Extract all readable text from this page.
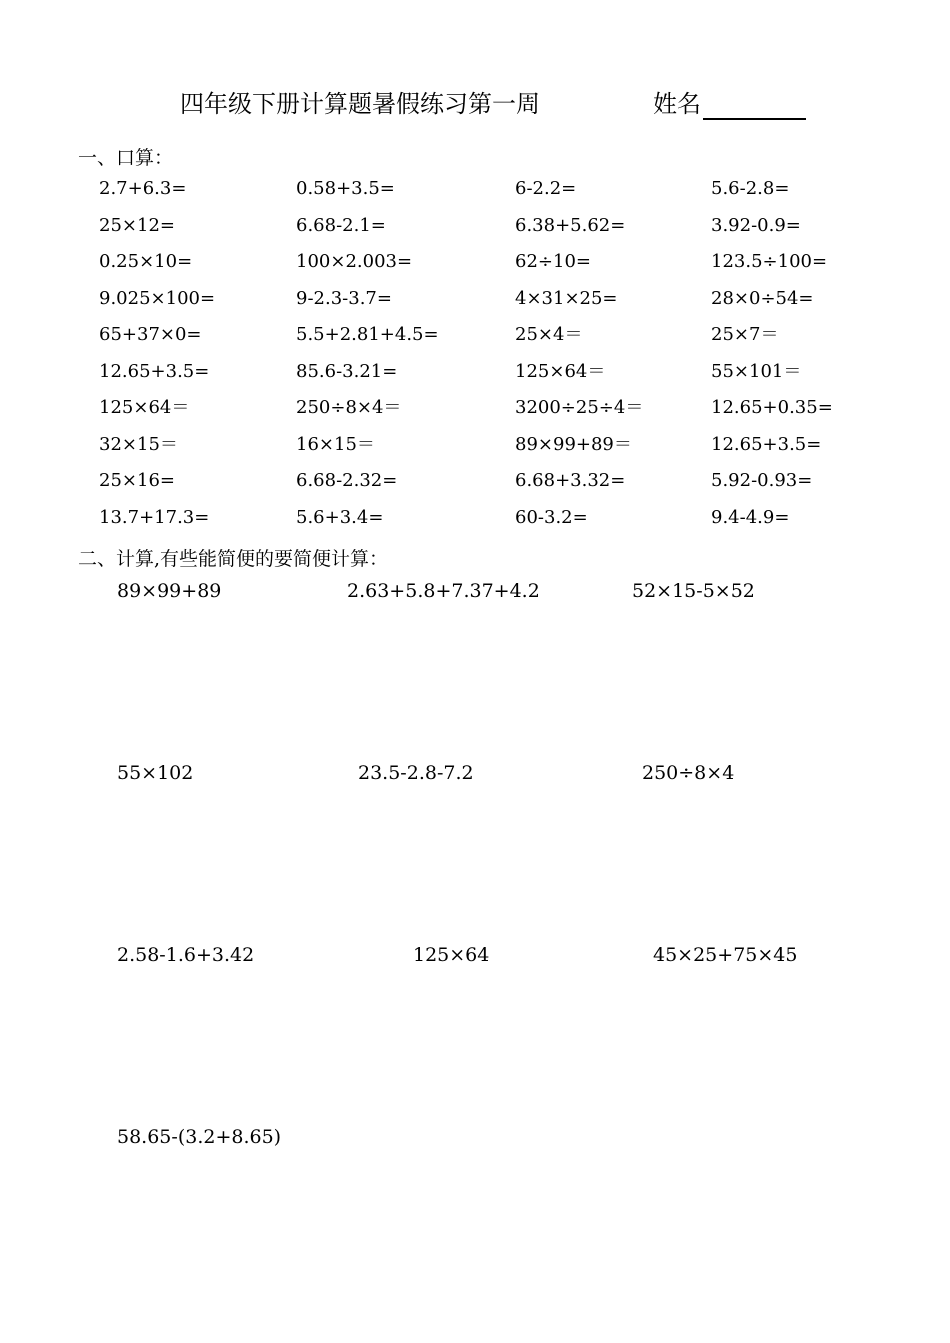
四年级下册计算题暑假练习第一周	姓名
一、口算：
2.7+6.3=	0.58+3.5=	6-2.2=	5.6-2.8=
25×12=	6.68-2.1=	6.38+5.62=	3.92-0.9=
0.25×10=	100×2.003=	62÷10=	123.5÷100=
9.025×100=	9-2.3-3.7=	4×31×25=	28×0÷54=
65+37×0=	5.5+2.81+4.5=	25×4＝	25×7＝
12.65+3.5=	85.6-3.21=	125×64＝	55×101＝
125×64＝	250÷8×4＝	3200÷25÷4＝	12.65+0.35=
32×15＝	16×15＝	89×99+89＝	12.65+3.5=
25×16=	6.68-2.32=	6.68+3.32=	5.92-0.93=
13.7+17.3=	5.6+3.4=	60-3.2=	9.4-4.9=
二、计算,有些能简便的要简便计算：
89×99+89	2.63+5.8+7.37+4.2	52×15-5×52
55×102	23.5-2.8-7.2	250÷8×4
2.58-1.6+3.42	125×64	45×25+75×45
58.65-(3.2+8.65)
